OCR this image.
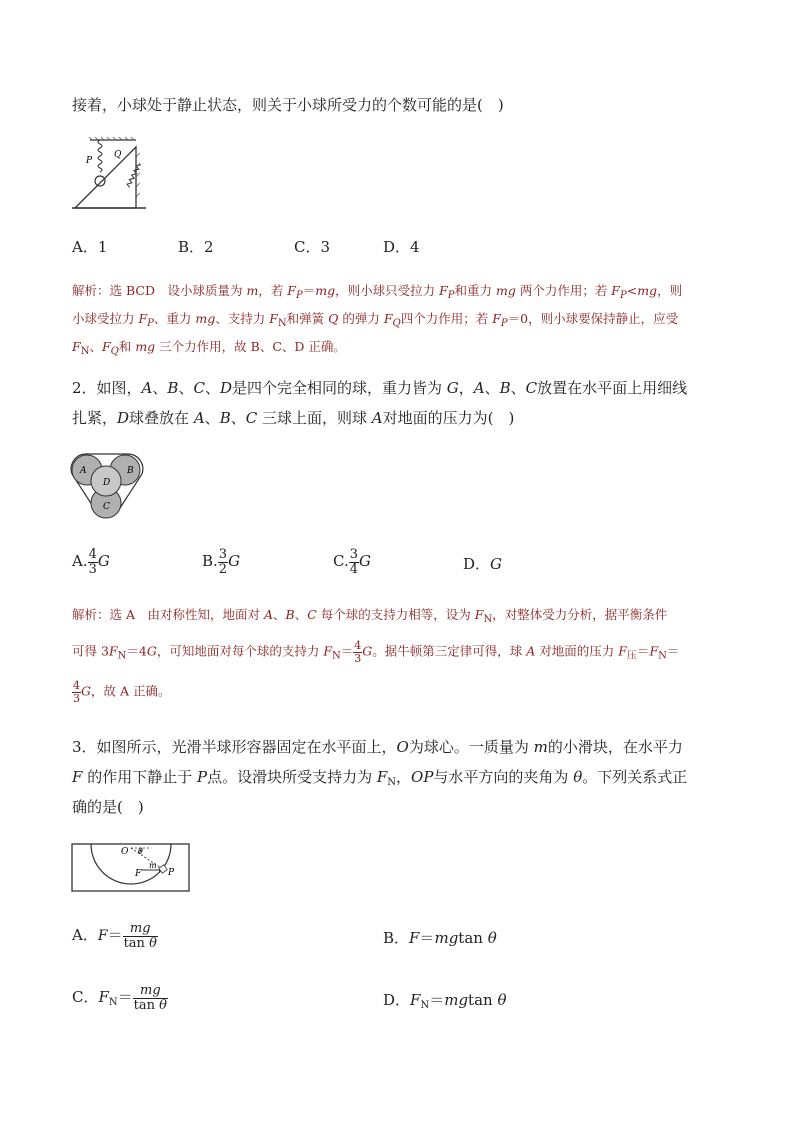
接着，小球处于静止状态，则关于小球所受力的个数可能的是(　)
P
Q
A．1	B．2	C．3	D．4
解析：选 BCD　设小球质量为 m，若 $F_P=mg$，则小球只受拉力 $F_P$和重力 mg 两个力作用；若 $F_P<mg$，则
小球受拉力 $F_P$、重力 mg、支持力 $F_N$和弹簧 Q 的弹力 $F_Q$四个力作用；若 $F_P=0$，则小球要保持静止，应受
$F_N$、$F_Q$和 mg 三个力作用，故 B、C、D 正确。
2．如图，A、B、C、D是四个完全相同的球，重力皆为 G，A、B、C放置在水平面上用细线
扎紧，D球叠放在 A、B、C 三球上面，则球 A对地面的压力为(　)
A	B
D
C
A. $\frac{4}{3}$ G	B. $\frac{3}{2}$ G	C. $\frac{3}{4}$ G	D．G
解析：选 A　由对称性知，地面对 A、B、C 每个球的支持力相等，设为 $F_N$，对整体受力分析，据平衡条件
可得 $3F_N=4G$，可知地面对每个球的支持力 $F_N= \frac{4}{3}$ G。据牛顿第三定律可得，球 A 对地面的压力 $F_压=F_N=$
$\frac{4}{3}$ G，故 A 正确。
3．如图所示，光滑半球形容器固定在水平面上，O为球心。一质量为 m的小滑块，在水平力
F 的作用下静止于 P点。设滑块所受支持力为 $F_N$，OP与水平方向的夹角为 θ。下列关系式正
确的是(　)
O θ
m
F	P
A．$F= \frac{mg}{\text{tan θ}}$	B．F＝mgtan θ
C．$F_N= \frac{mg}{\text{tan θ}}$	D．$F_N=mgtan$ θ
